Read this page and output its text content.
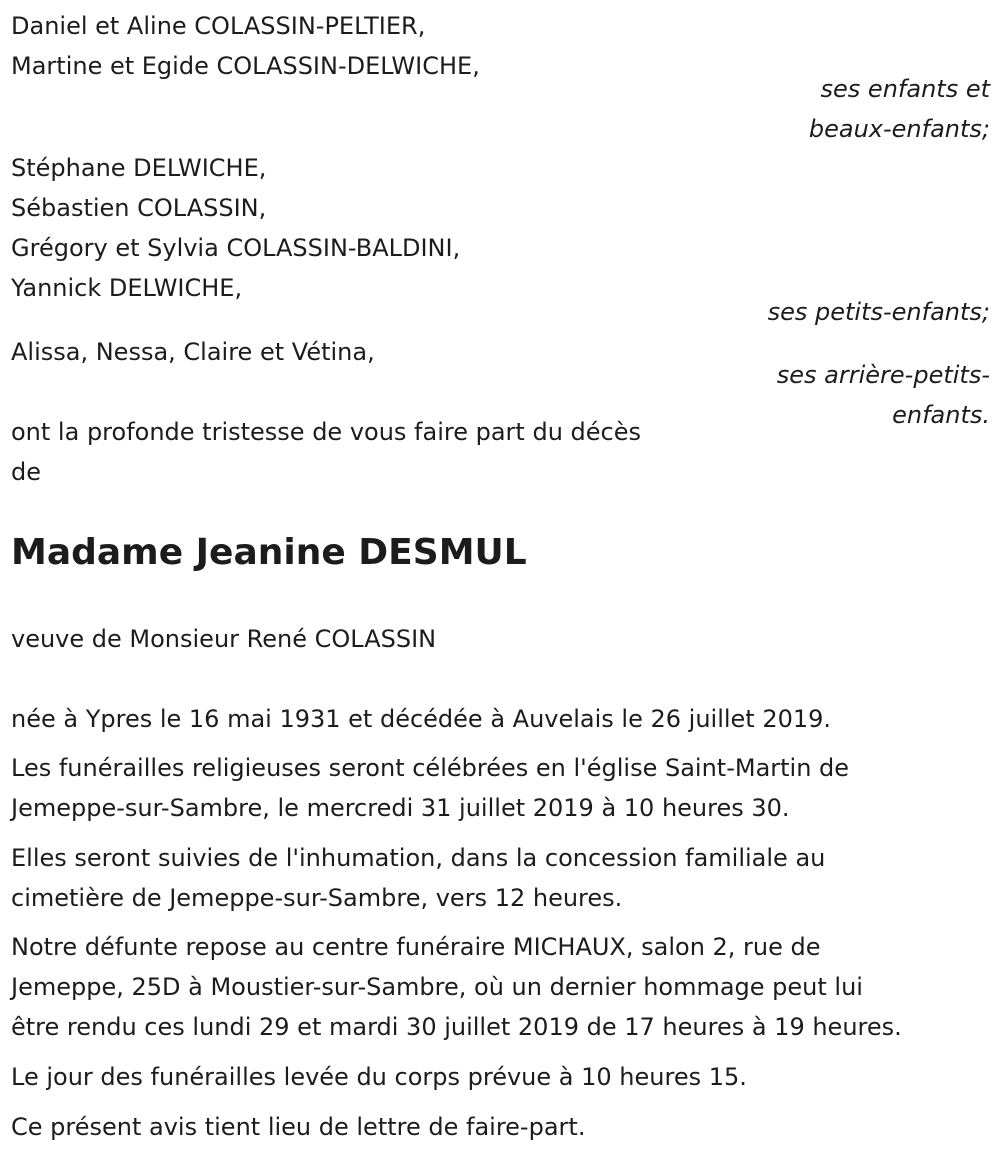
Daniel et Aline COLASSIN-PELTIER,
Martine et Egide COLASSIN-DELWICHE,
ses enfants et
beaux-enfants;
Stéphane DELWICHE,
Sébastien COLASSIN,
Grégory et Sylvia COLASSIN-BALDINI,
Yannick DELWICHE,
ses petits-enfants;
Alissa, Nessa, Claire et Vétina,
ses arrière-petits-
enfants.
ont la profonde tristesse de vous faire part du décès
de
Madame Jeanine DESMUL
veuve de Monsieur René COLASSIN
née à Ypres le 16 mai 1931 et décédée à Auvelais le 26 juillet 2019.
Les funérailles religieuses seront célébrées en l'église Saint-Martin de
Jemeppe-sur-Sambre, le mercredi 31 juillet 2019 à 10 heures 30.
Elles seront suivies de l'inhumation, dans la concession familiale au
cimetière de Jemeppe-sur-Sambre, vers 12 heures.
Notre défunte repose au centre funéraire MICHAUX, salon 2, rue de
Jemeppe, 25D à Moustier-sur-Sambre, où un dernier hommage peut lui
être rendu ces lundi 29 et mardi 30 juillet 2019 de 17 heures à 19 heures.
Le jour des funérailles levée du corps prévue à 10 heures 15.
Ce présent avis tient lieu de lettre de faire-part.
